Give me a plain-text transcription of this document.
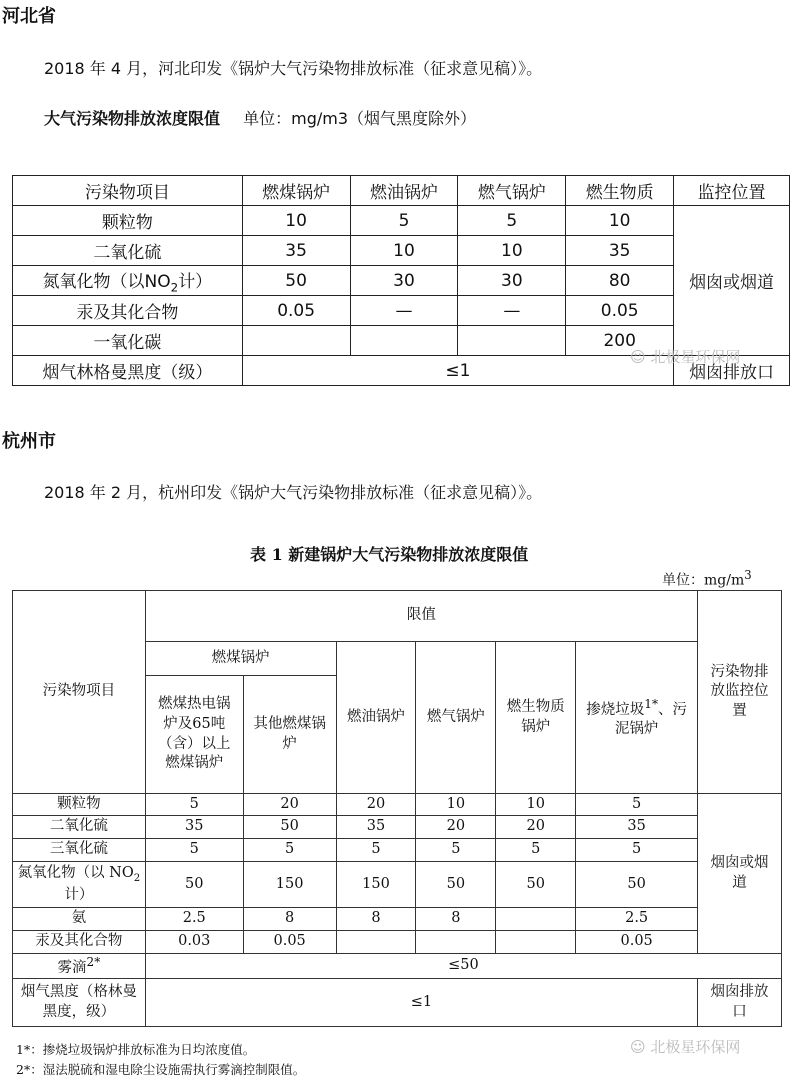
河北省
2018 年 4 月，河北印发《锅炉大气污染物排放标准（征求意见稿）》。
大气污染物排放浓度限值 单位：mg/m3（烟气黑度除外）
污染物项目	燃煤锅炉	燃油锅炉	燃气锅炉	燃生物质	监控位置
颗粒物	10	5	5	10	烟囱或烟道
二氧化硫	35	10	10	35	
氮氧化物（以$NO_2$计）	50	30	30	80	
汞及其化合物	0.05	—	—	0.05	
一氧化碳				200	
烟气林格曼黑度（级）	≤1				烟囱排放口
☺ 北极星环保网
杭州市
2018 年 2 月，杭州印发《锅炉大气污染物排放标准（征求意见稿）》。
表 1 新建锅炉大气污染物排放浓度限值
单位：$mg/m^3$
污染物项目	限值						污染物排放监控位置
	燃煤锅炉		燃油锅炉	燃气锅炉	燃生物质锅炉	掺烧垃圾$^{1*}$、污泥锅炉	
	燃煤热电锅炉及65吨（含）以上燃煤锅炉	其他燃煤锅炉					
颗粒物	5	20	20	10	10	5	烟囱或烟道
二氧化硫	35	50	35	20	20	35	
三氧化硫	5	5	5	5	5	5	
氮氧化物（以 $NO_2$ 计）	50	150	150	50	50	50	
氨	2.5	8	8	8		2.5	
汞及其化合物	0.03	0.05				0.05	
雾滴$^{2*}$	≤50						
烟气黑度（格林曼黑度，级）	≤1						烟囱排放口
1*：掺烧垃圾锅炉排放标准为日均浓度值。
2*：湿法脱硫和湿电除尘设施需执行雾滴控制限值。
☺ 北极星环保网
